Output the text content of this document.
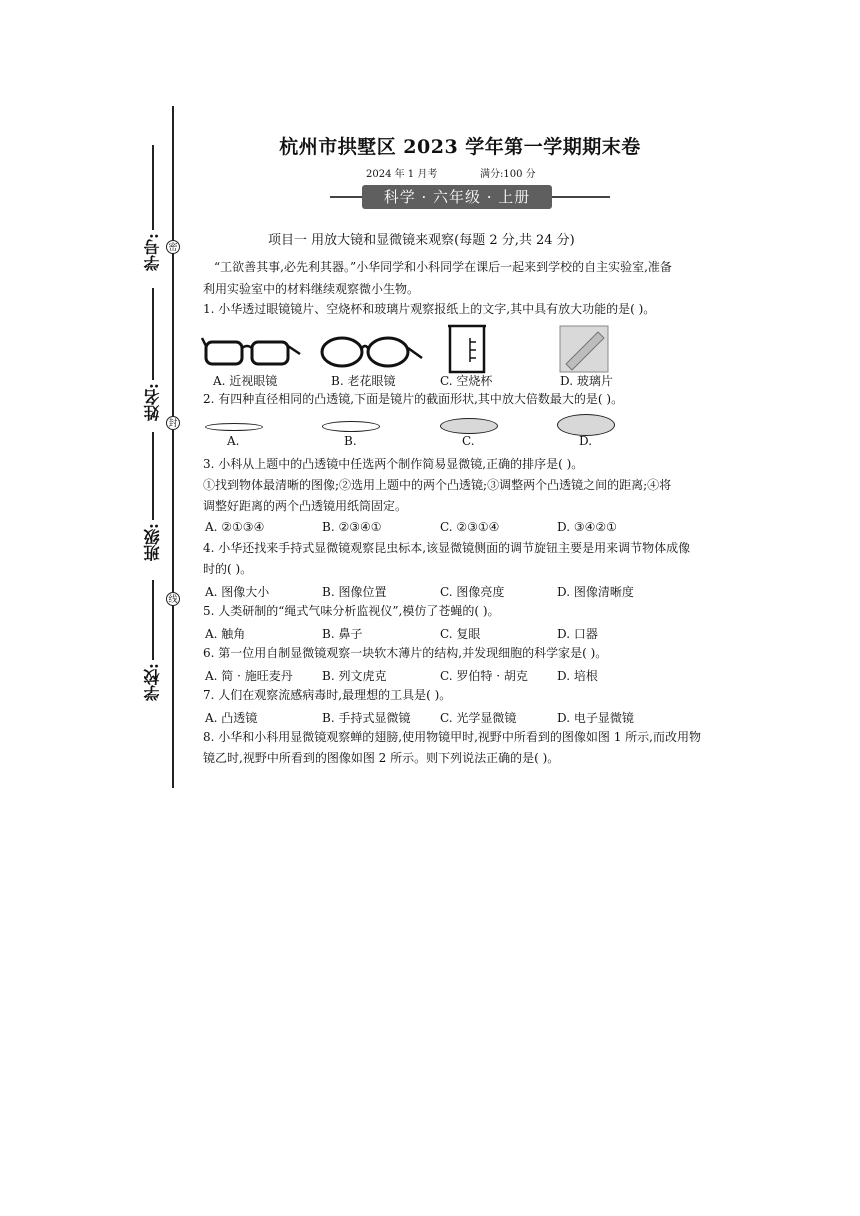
学号:
姓名:
班级:
学校:
密
封
线
杭州市拱墅区 2023 学年第一学期期末卷
2024 年 1 月考	满分:100 分
科学 · 六年级 · 上册
项目一 用放大镜和显微镜来观察(每题 2 分,共 24 分)
“工欲善其事,必先利其器。”小华同学和小科同学在课后一起来到学校的自主实验室,准备
利用实验室中的材料继续观察微小生物。
1. 小华透过眼镜镜片、空烧杯和玻璃片观察报纸上的文字,其中具有放大功能的是( )。
A. 近视眼镜	B. 老花眼镜	C. 空烧杯	D. 玻璃片
2. 有四种直径相同的凸透镜,下面是镜片的截面形状,其中放大倍数最大的是( )。
A.	B.	C.	D.
3. 小科从上题中的凸透镜中任选两个制作简易显微镜,正确的排序是( )。
①找到物体最清晰的图像;②选用上题中的两个凸透镜;③调整两个凸透镜之间的距离;④将
调整好距离的两个凸透镜用纸筒固定。
A. ②①③④	B. ②③④①	C. ②③①④	D. ③④②①
4. 小华还找来手持式显微镜观察昆虫标本,该显微镜侧面的调节旋钮主要是用来调节物体成像
时的( )。
A. 图像大小	B. 图像位置	C. 图像亮度	D. 图像清晰度
5. 人类研制的“绳式气味分析监视仪”,模仿了苍蝇的( )。
A. 触角	B. 鼻子	C. 复眼	D. 口器
6. 第一位用自制显微镜观察一块软木薄片的结构,并发现细胞的科学家是( )。
A. 简 · 施旺麦丹 B. 列文虎克	C. 罗伯特 · 胡克 D. 培根
7. 人们在观察流感病毒时,最理想的工具是( )。
A. 凸透镜	B. 手持式显微镜 C. 光学显微镜	D. 电子显微镜
8. 小华和小科用显微镜观察蝉的翅膀,使用物镜甲时,视野中所看到的图像如图 1 所示,而改用物
镜乙时,视野中所看到的图像如图 2 所示。则下列说法正确的是( )。
